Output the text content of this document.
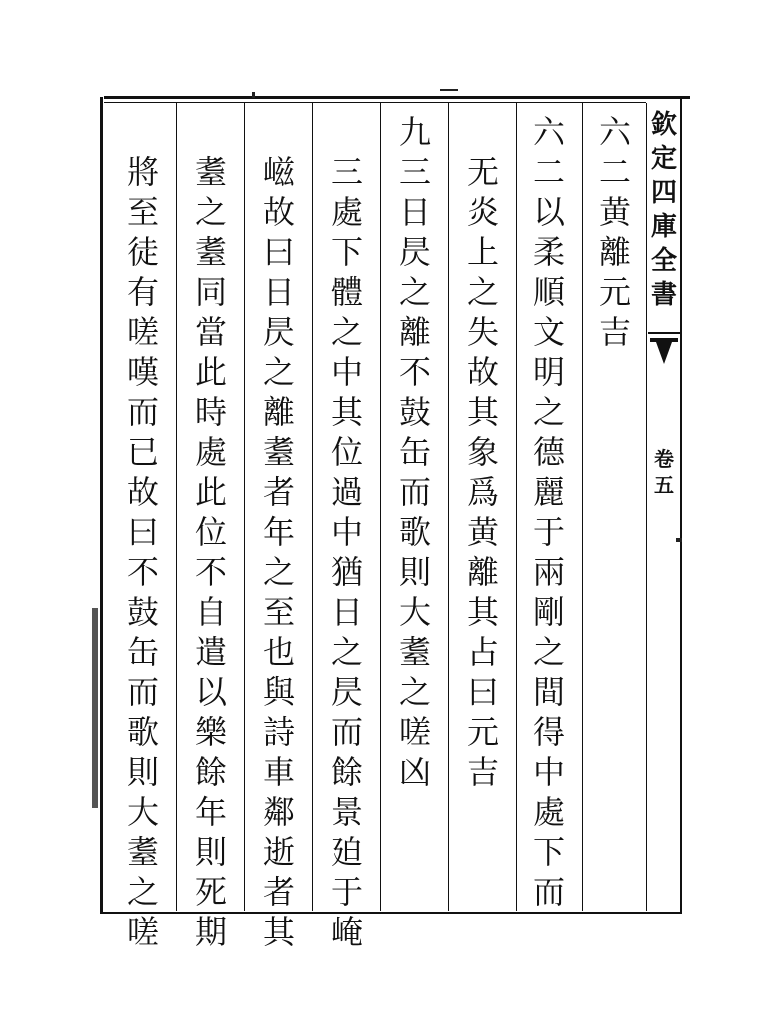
欽
定
四
庫
全
書
卷
五
六
二
黄
離
元
吉
六
二
以
柔
順
文
明
之
德
麗
于
兩
剛
之
間
得
中
處
下
而
无
炎
上
之
失
故
其
象
爲
黄
離
其
占
曰
元
吉
九
三
日
昃
之
離
不
鼓
缶
而
歌
則
大
耋
之
嗟
凶
三
處
下
體
之
中
其
位
過
中
猶
日
之
昃
而
餘
景
廹
于
崦
嵫
故
曰
日
昃
之
離
耋
者
年
之
至
也
與
詩
車
鄰
逝
者
其
耋
之
耋
同
當
此
時
處
此
位
不
自
遣
以
樂
餘
年
則
死
期
將
至
徒
有
嗟
嘆
而
已
故
曰
不
鼓
缶
而
歌
則
大
耋
之
嗟
